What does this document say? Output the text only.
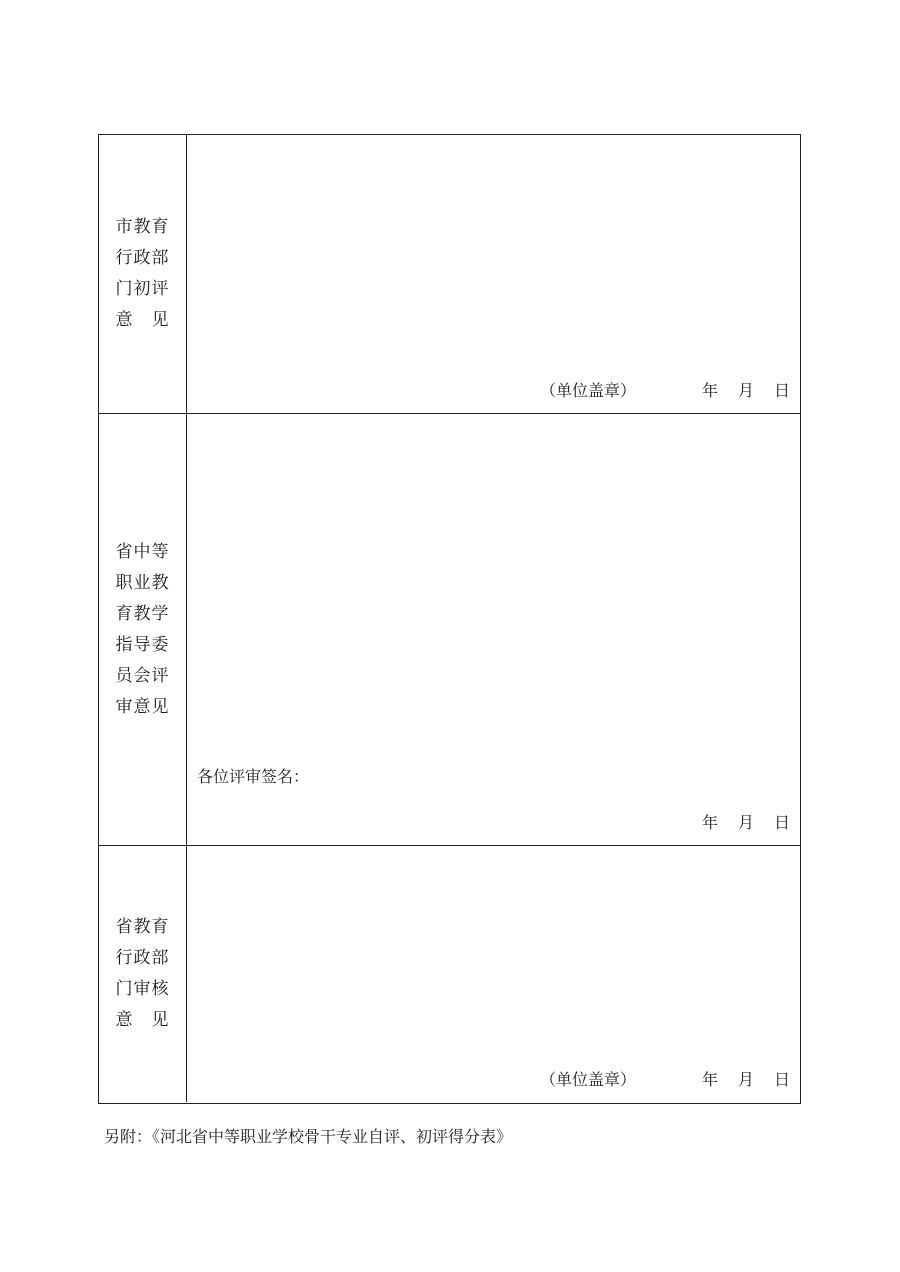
市教育
行政部
门初评
意　见
（单位盖章）	年 月 日
省中等
职业教
育教学
指导委
员会评
审意见
各位评审签名：
年 月 日
省教育
行政部
门审核
意　见
（单位盖章）	年 月 日
另附：《河北省中等职业学校骨干专业自评、初评得分表》
